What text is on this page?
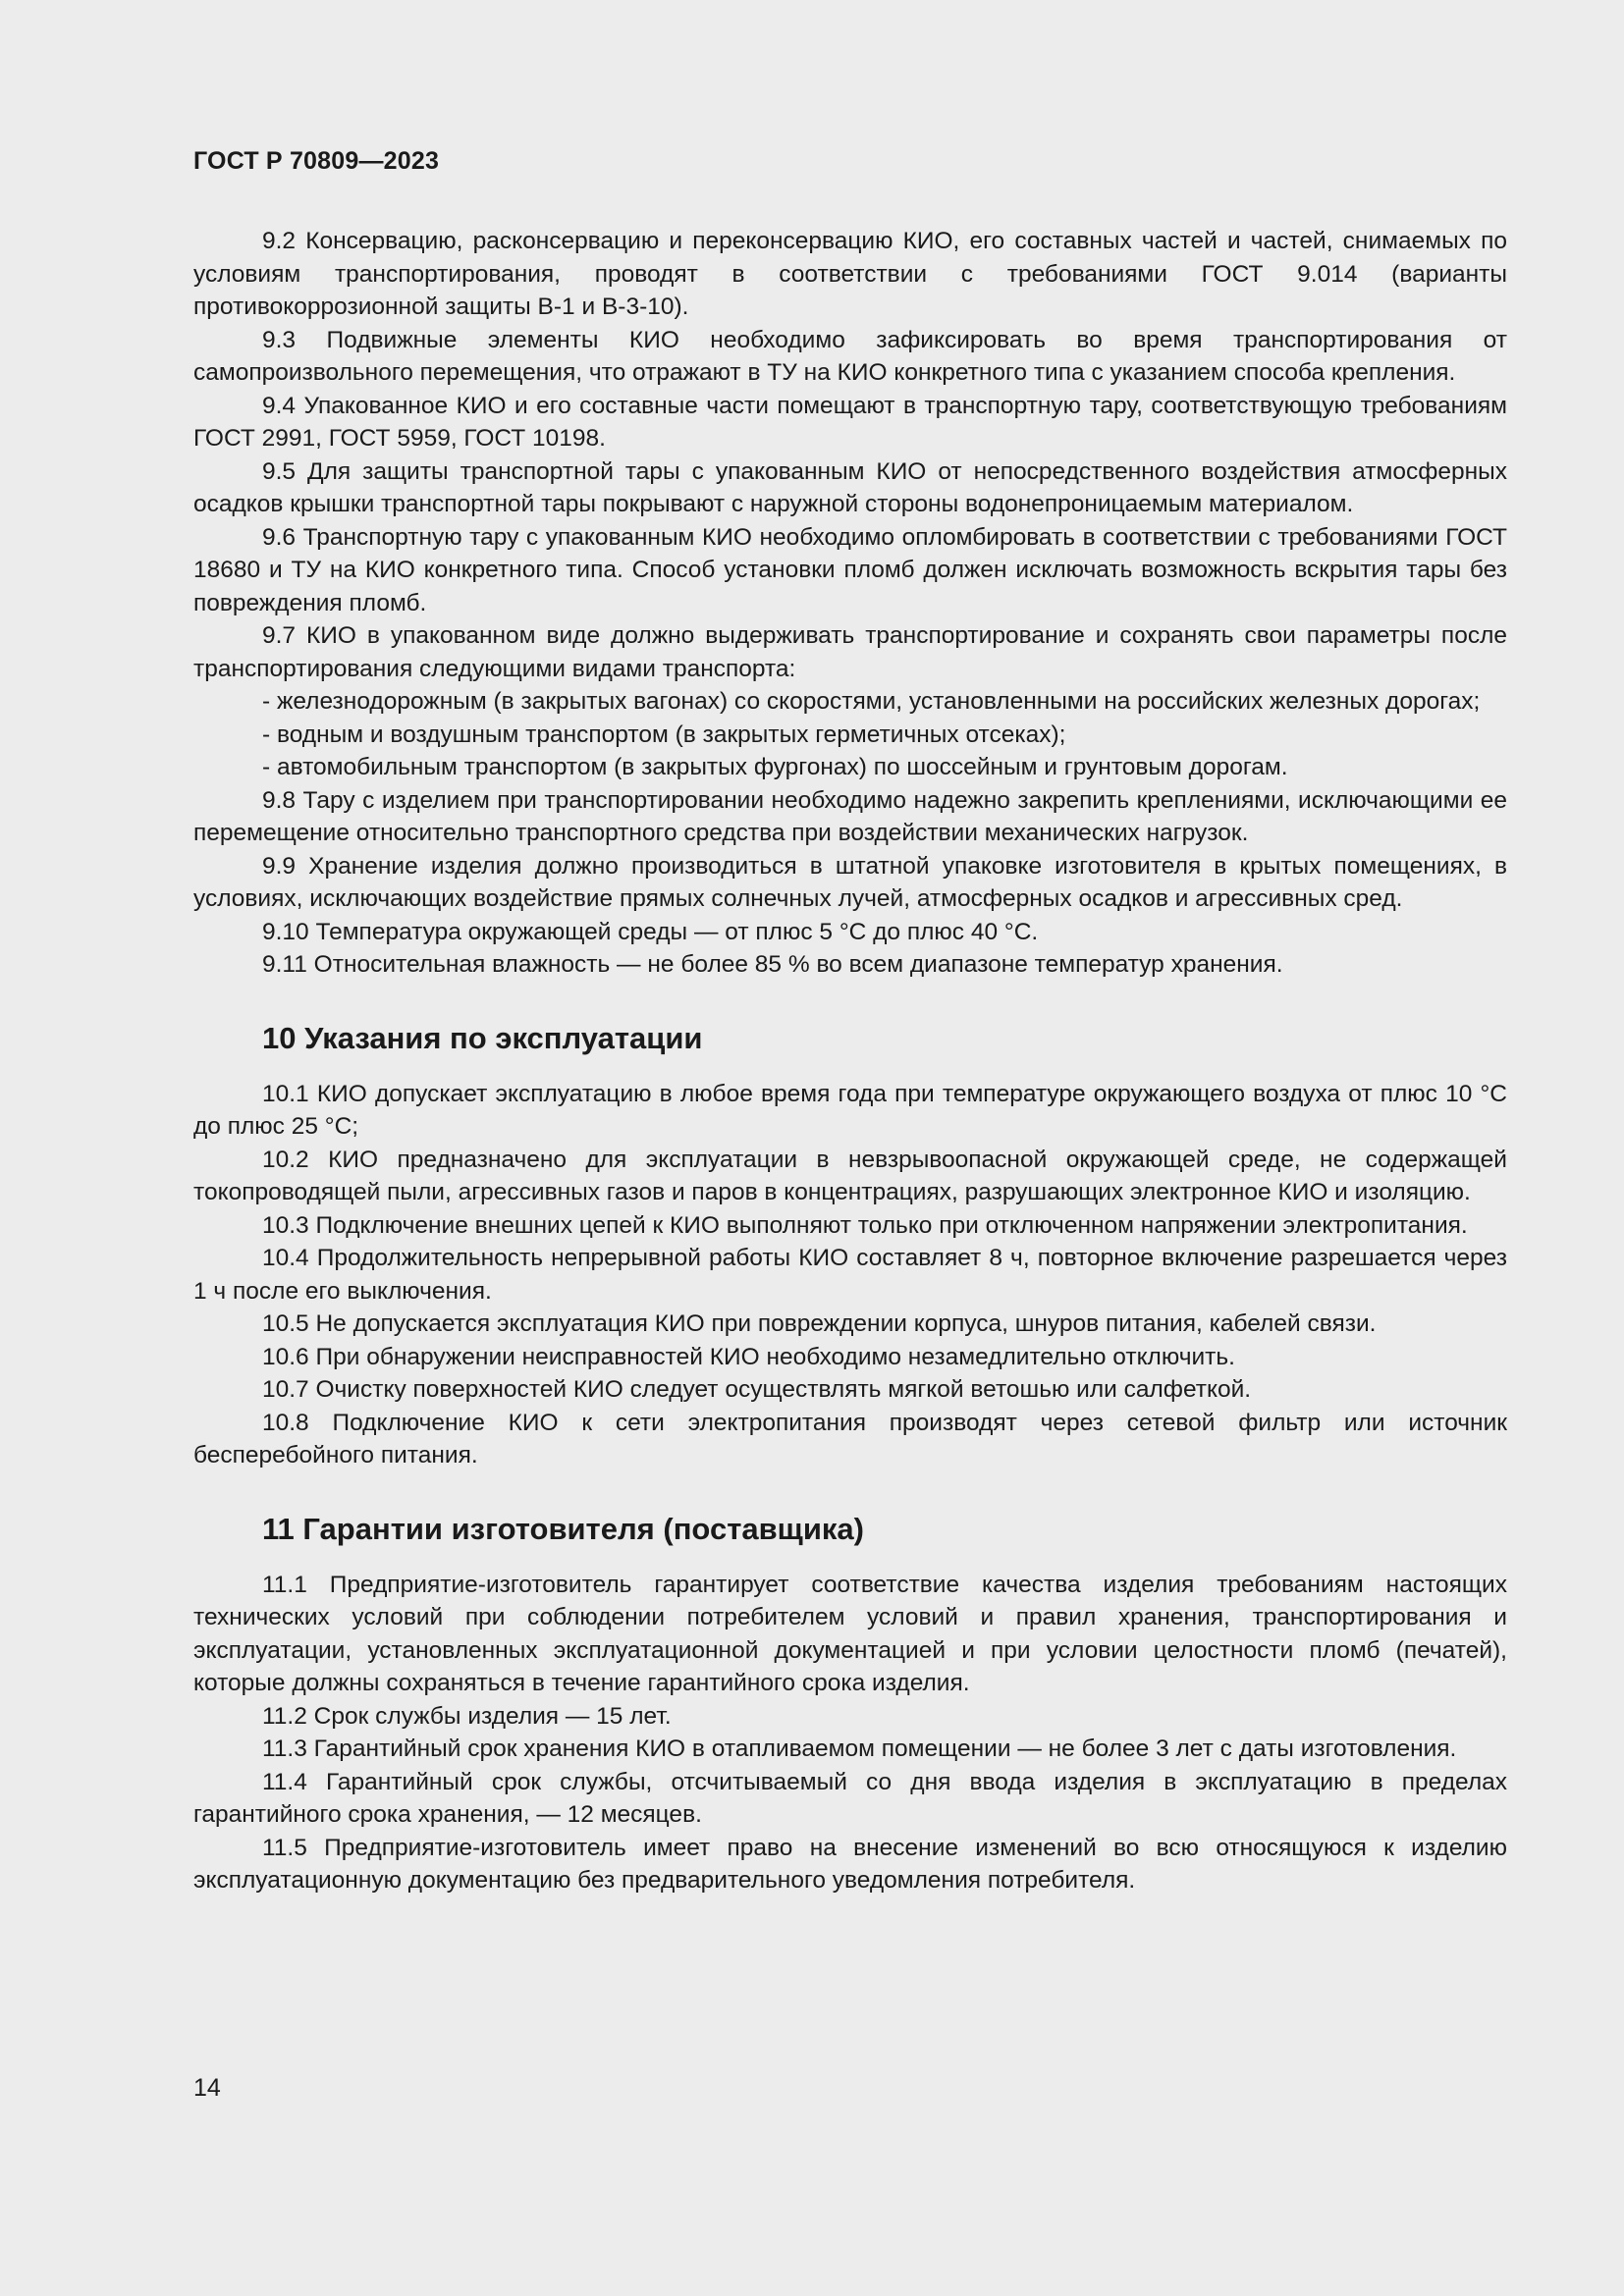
ГОСТ Р 70809—2023

9.2 Консервацию, расконсервацию и переконсервацию КИО, его составных частей и частей, снимаемых по условиям транспортирования, проводят в соответствии с требованиями ГОСТ 9.014 (варианты противокоррозионной защиты В-1 и В-3-10).

9.3 Подвижные элементы КИО необходимо зафиксировать во время транспортирования от самопроизвольного перемещения, что отражают в ТУ на КИО конкретного типа с указанием способа крепления.

9.4 Упакованное КИО и его составные части помещают в транспортную тару, соответствующую требованиям ГОСТ 2991, ГОСТ 5959, ГОСТ 10198.

9.5 Для защиты транспортной тары с упакованным КИО от непосредственного воздействия атмосферных осадков крышки транспортной тары покрывают с наружной стороны водонепроницаемым материалом.

9.6 Транспортную тару с упакованным КИО необходимо опломбировать в соответствии с требованиями ГОСТ 18680 и ТУ на КИО конкретного типа. Способ установки пломб должен исключать возможность вскрытия тары без повреждения пломб.

9.7 КИО в упакованном виде должно выдерживать транспортирование и сохранять свои параметры после транспортирования следующими видами транспорта:

- железнодорожным (в закрытых вагонах) со скоростями, установленными на российских железных дорогах;

- водным и воздушным транспортом (в закрытых герметичных отсеках);

- автомобильным транспортом (в закрытых фургонах) по шоссейным и грунтовым дорогам.

9.8 Тару с изделием при транспортировании необходимо надежно закрепить креплениями, исключающими ее перемещение относительно транспортного средства при воздействии механических нагрузок.

9.9 Хранение изделия должно производиться в штатной упаковке изготовителя в крытых помещениях, в условиях, исключающих воздействие прямых солнечных лучей, атмосферных осадков и агрессивных сред.

9.10 Температура окружающей среды — от плюс 5 °С до плюс 40 °С.

9.11 Относительная влажность — не более 85 % во всем диапазоне температур хранения.

10 Указания по эксплуатации

10.1 КИО допускает эксплуатацию в любое время года при температуре окружающего воздуха от плюс 10 °С до плюс 25 °С;

10.2 КИО предназначено для эксплуатации в невзрывоопасной окружающей среде, не содержащей токопроводящей пыли, агрессивных газов и паров в концентрациях, разрушающих электронное КИО и изоляцию.

10.3 Подключение внешних цепей к КИО выполняют только при отключенном напряжении электропитания.

10.4 Продолжительность непрерывной работы КИО составляет 8 ч, повторное включение разрешается через 1 ч после его выключения.

10.5 Не допускается эксплуатация КИО при повреждении корпуса, шнуров питания, кабелей связи.

10.6 При обнаружении неисправностей КИО необходимо незамедлительно отключить.

10.7 Очистку поверхностей КИО следует осуществлять мягкой ветошью или салфеткой.

10.8 Подключение КИО к сети электропитания производят через сетевой фильтр или источник бесперебойного питания.

11 Гарантии изготовителя (поставщика)

11.1 Предприятие-изготовитель гарантирует соответствие качества изделия требованиям настоящих технических условий при соблюдении потребителем условий и правил хранения, транспортирования и эксплуатации, установленных эксплуатационной документацией и при условии целостности пломб (печатей), которые должны сохраняться в течение гарантийного срока изделия.

11.2 Срок службы изделия — 15 лет.

11.3 Гарантийный срок хранения КИО в отапливаемом помещении — не более 3 лет с даты изготовления.

11.4 Гарантийный срок службы, отсчитываемый со дня ввода изделия в эксплуатацию в пределах гарантийного срока хранения, — 12 месяцев.

11.5 Предприятие-изготовитель имеет право на внесение изменений во всю относящуюся к изделию эксплуатационную документацию без предварительного уведомления потребителя.

14
